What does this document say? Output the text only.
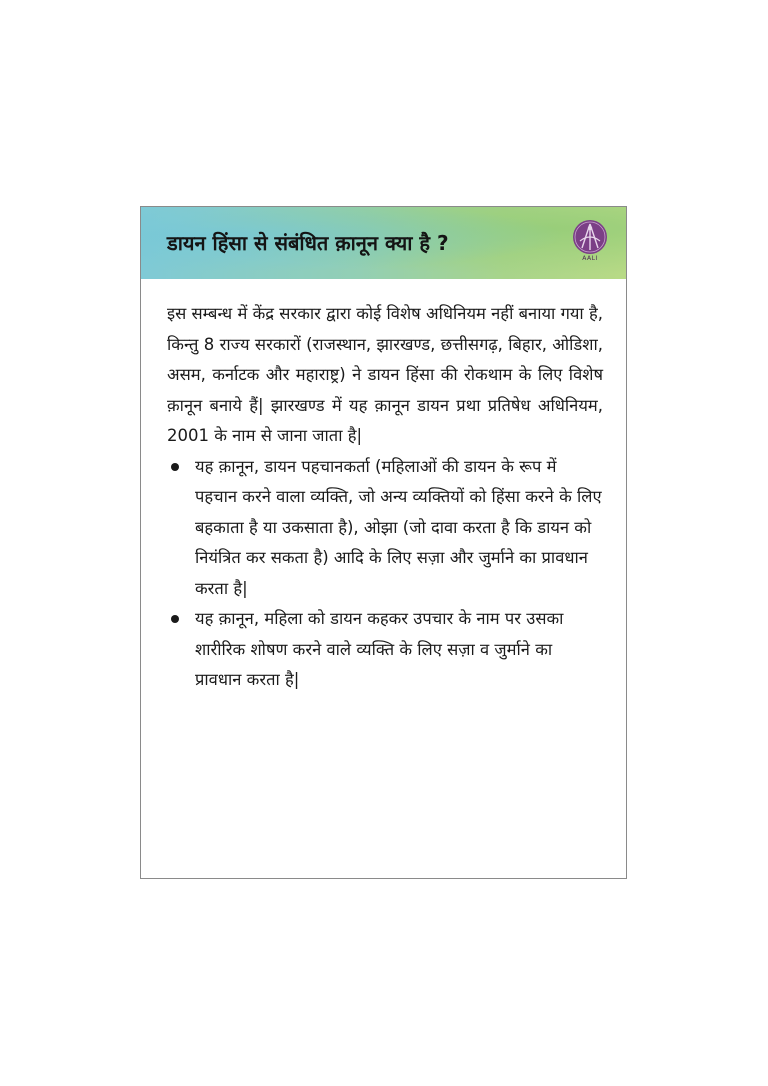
डायन हिंसा से संबंधित क़ानून क्या है ?
AALI

इस सम्बन्ध में केंद्र सरकार द्वारा कोई विशेष अधिनियम नहीं बनाया गया है, किन्तु 8 राज्य सरकारों (राजस्थान, झारखण्ड, छत्तीसगढ़, बिहार, ओडिशा, असम, कर्नाटक और महाराष्ट्र) ने डायन हिंसा की रोकथाम के लिए विशेष क़ानून बनाये हैं| झारखण्ड में यह क़ानून डायन प्रथा प्रतिषेध अधिनियम, 2001 के नाम से जाना जाता है|

यह क़ानून, डायन पहचानकर्ता (महिलाओं की डायन के रूप में पहचान करने वाला व्यक्ति, जो अन्य व्यक्तियों को हिंसा करने के लिए बहकाता है या उकसाता है), ओझा (जो दावा करता है कि डायन को नियंत्रित कर सकता है) आदि के लिए सज़ा और जुर्माने का प्रावधान करता है|
यह क़ानून, महिला को डायन कहकर उपचार के नाम पर उसका शारीरिक शोषण करने वाले व्यक्ति के लिए सज़ा व जुर्माने का प्रावधान करता है|
